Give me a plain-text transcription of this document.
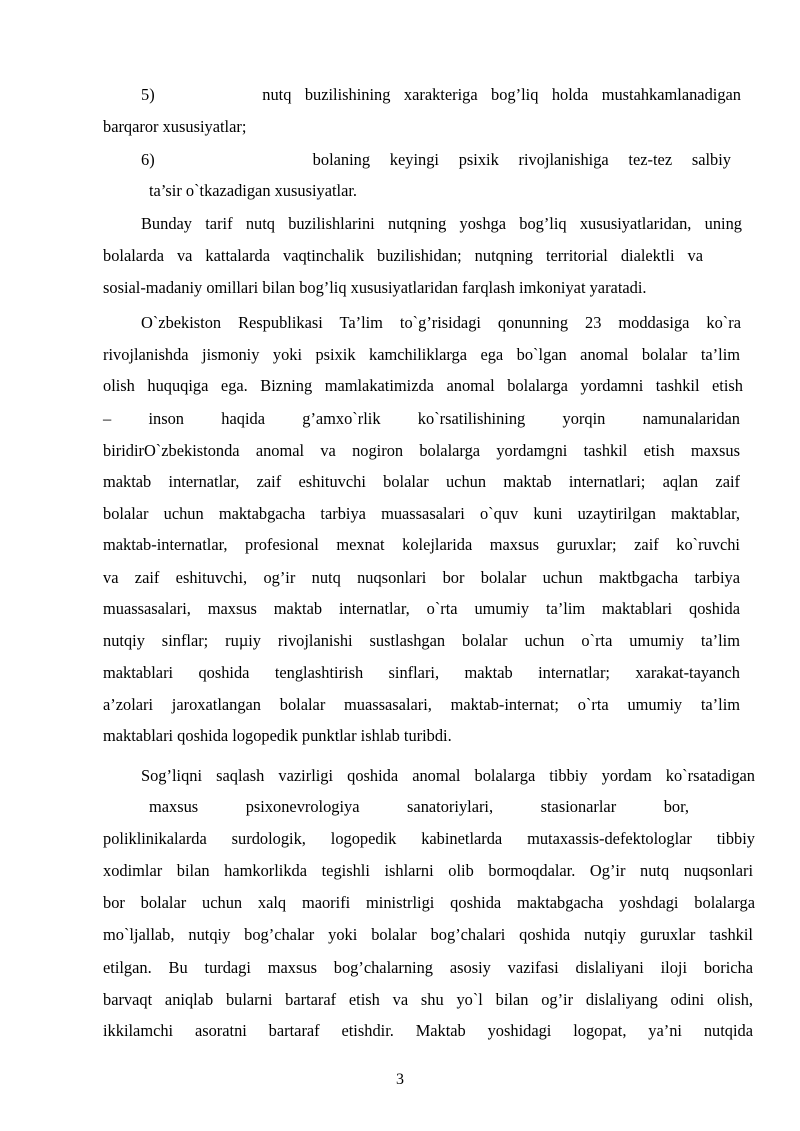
5)        nutq buzilishining xarakteriga bog’liq holda mustahkamlanadigan
barqaror xususiyatlar;
6)        bolaning keyingi psixik rivojlanishiga tez-tez salbiy
ta’sir o`tkazadigan xususiyatlar.
Bunday tarif nutq buzilishlarini nutqning yoshga bog’liq xususiyatlaridan, uning
bolalarda va kattalarda vaqtinchalik buzilishidan; nutqning territorial dialektli va
sosial-madaniy omillari bilan bog’liq xususiyatlaridan farqlash imkoniyat yaratadi.
O`zbekiston Respublikasi Ta’lim to`g’risidagi qonunning 23 moddasiga ko`ra
rivojlanishda jismoniy yoki psixik kamchiliklarga ega bo`lgan anomal bolalar ta’lim
olish huquqiga ega. Bizning mamlakatimizda anomal bolalarga yordamni tashkil etish
– inson haqida g’amxo`rlik ko`rsatilishining yorqin namunalaridan
biridirO`zbekistonda anomal va nogiron bolalarga yordamgni tashkil etish maxsus
maktab internatlar, zaif eshituvchi bolalar uchun maktab internatlari; aqlan zaif
bolalar uchun maktabgacha tarbiya muassasalari o`quv kuni uzaytirilgan maktablar,
maktab-internatlar, profesional mexnat kolejlarida maxsus guruxlar; zaif ko`ruvchi
va zaif eshituvchi, og’ir nutq nuqsonlari bor bolalar uchun maktbgacha tarbiya
muassasalari, maxsus maktab internatlar, o`rta umumiy ta’lim maktablari qoshida
nutqiy sinflar; ruµiy rivojlanishi sustlashgan bolalar uchun o`rta umumiy ta’lim
maktablari qoshida tenglashtirish sinflari, maktab internatlar; xarakat-tayanch
a’zolari jaroxatlangan bolalar muassasalari, maktab-internat; o`rta umumiy ta’lim
maktablari qoshida logopedik punktlar ishlab turibdi.
Sog’liqni saqlash vazirligi qoshida anomal bolalarga tibbiy yordam ko`rsatadigan
maxsus psixonevrologiya sanatoriylari, stasionarlar bor,
poliklinikalarda surdologik, logopedik kabinetlarda mutaxassis-defektologlar tibbiy
xodimlar bilan hamkorlikda tegishli ishlarni olib bormoqdalar. Og’ir nutq nuqsonlari
bor bolalar uchun xalq maorifi ministrligi qoshida maktabgacha yoshdagi bolalarga
mo`ljallab, nutqiy bog’chalar yoki bolalar bog’chalari qoshida nutqiy guruxlar tashkil
etilgan. Bu turdagi maxsus bog’chalarning asosiy vazifasi dislaliyani iloji boricha
barvaqt aniqlab bularni bartaraf etish va shu yo`l bilan og’ir dislaliyang odini olish,
ikkilamchi asoratni bartaraf etishdir. Maktab yoshidagi logopat, ya’ni nutqida
3
